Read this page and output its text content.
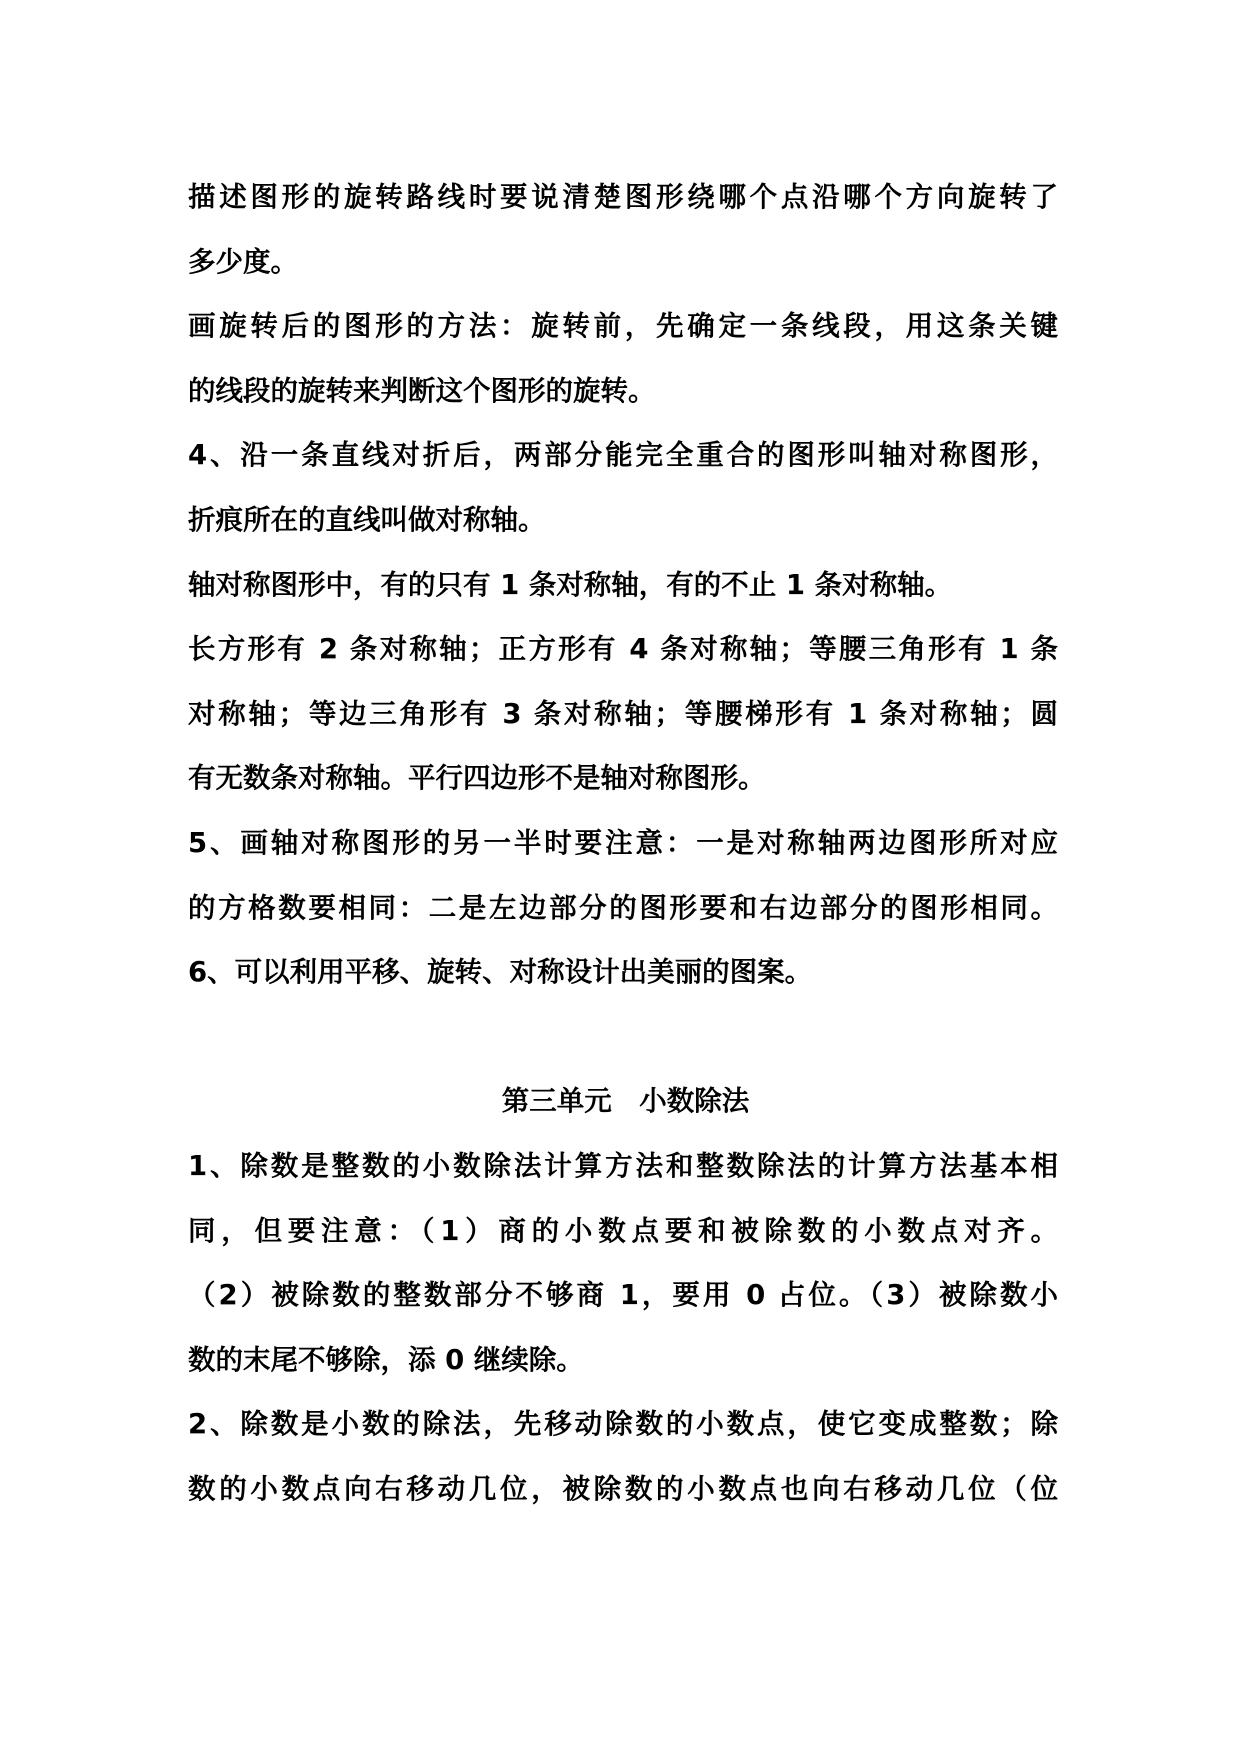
描述图形的旋转路线时要说清楚图形绕哪个点沿哪个方向旋转了
多少度。
画旋转后的图形的方法：旋转前，先确定一条线段，用这条关键
的线段的旋转来判断这个图形的旋转。
4、沿一条直线对折后，两部分能完全重合的图形叫轴对称图形，
折痕所在的直线叫做对称轴。
轴对称图形中，有的只有 1 条对称轴，有的不止 1 条对称轴。
长方形有 2 条对称轴；正方形有 4 条对称轴；等腰三角形有 1 条
对称轴；等边三角形有 3 条对称轴；等腰梯形有 1 条对称轴；圆
有无数条对称轴。平行四边形不是轴对称图形。
5、画轴对称图形的另一半时要注意：一是对称轴两边图形所对应
的方格数要相同：二是左边部分的图形要和右边部分的图形相同。
6、可以利用平移、旋转、对称设计出美丽的图案。
第三单元　小数除法
1、除数是整数的小数除法计算方法和整数除法的计算方法基本相
同，但要注意：（1）商的小数点要和被除数的小数点对齐。
（2）被除数的整数部分不够商 1，要用 0 占位。（3）被除数小
数的末尾不够除，添 0 继续除。
2、除数是小数的除法，先移动除数的小数点，使它变成整数；除
数的小数点向右移动几位，被除数的小数点也向右移动几位（位
